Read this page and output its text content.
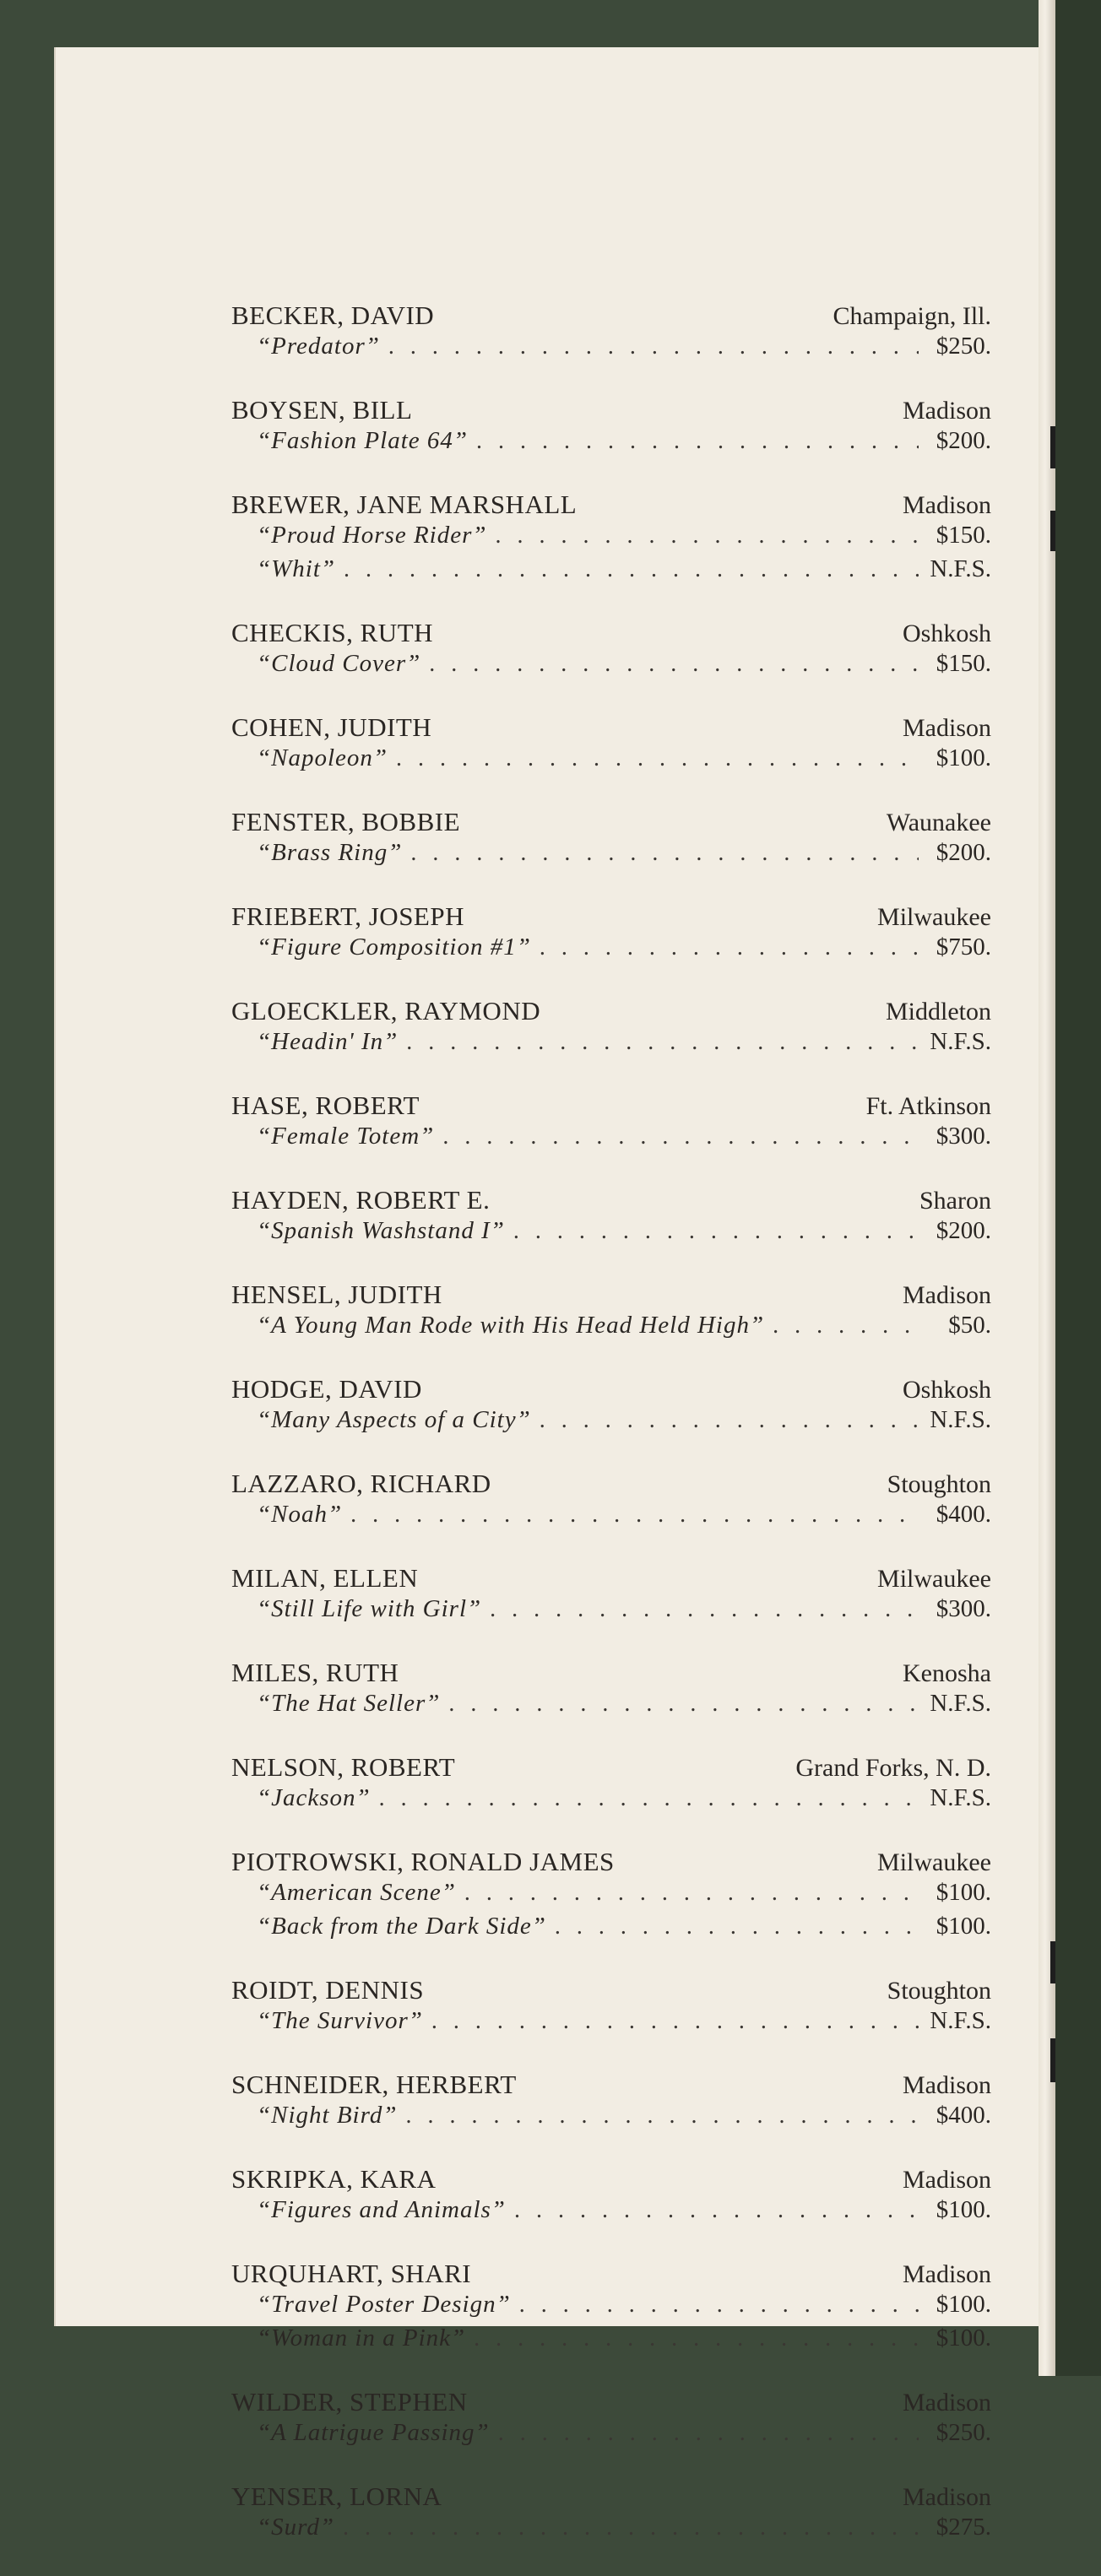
BECKER, DAVID	Champaign, Ill.
“Predator” . . .	$250.
BOYSEN, BILL	Madison
“Fashion Plate 64” . . .	$200.
BREWER, JANE MARSHALL	Madison
“Proud Horse Rider” . . .	$150.
“Whit” . . .	N.F.S.
CHECKIS, RUTH	Oshkosh
“Cloud Cover” . . .	$150.
COHEN, JUDITH	Madison
“Napoleon” . . .	$100.
FENSTER, BOBBIE	Waunakee
“Brass Ring” . . .	$200.
FRIEBERT, JOSEPH	Milwaukee
“Figure Composition #1” . . .	$750.
GLOECKLER, RAYMOND	Middleton
“Headin' In” . . .	N.F.S.
HASE, ROBERT	Ft. Atkinson
“Female Totem” . . .	$300.
HAYDEN, ROBERT E.	Sharon
“Spanish Washstand I” . . .	$200.
HENSEL, JUDITH	Madison
“A Young Man Rode with His Head Held High” . . .	$50.
HODGE, DAVID	Oshkosh
“Many Aspects of a City” . . .	N.F.S.
LAZZARO, RICHARD	Stoughton
“Noah” . . .	$400.
MILAN, ELLEN	Milwaukee
“Still Life with Girl” . . .	$300.
MILES, RUTH	Kenosha
“The Hat Seller” . . .	N.F.S.
NELSON, ROBERT	Grand Forks, N. D.
“Jackson” . . .	N.F.S.
PIOTROWSKI, RONALD JAMES	Milwaukee
“American Scene” . . .	$100.
“Back from the Dark Side” . . .	$100.
ROIDT, DENNIS	Stoughton
“The Survivor” . . .	N.F.S.
SCHNEIDER, HERBERT	Madison
“Night Bird” . . .	$400.
SKRIPKA, KARA	Madison
“Figures and Animals” . . .	$100.
URQUHART, SHARI	Madison
“Travel Poster Design” . . .	$100.
“Woman in a Pink” . . .	$100.
WILDER, STEPHEN	Madison
“A Latrigue Passing” . . .	$250.
YENSER, LORNA	Madison
“Surd” . . .	$275.
